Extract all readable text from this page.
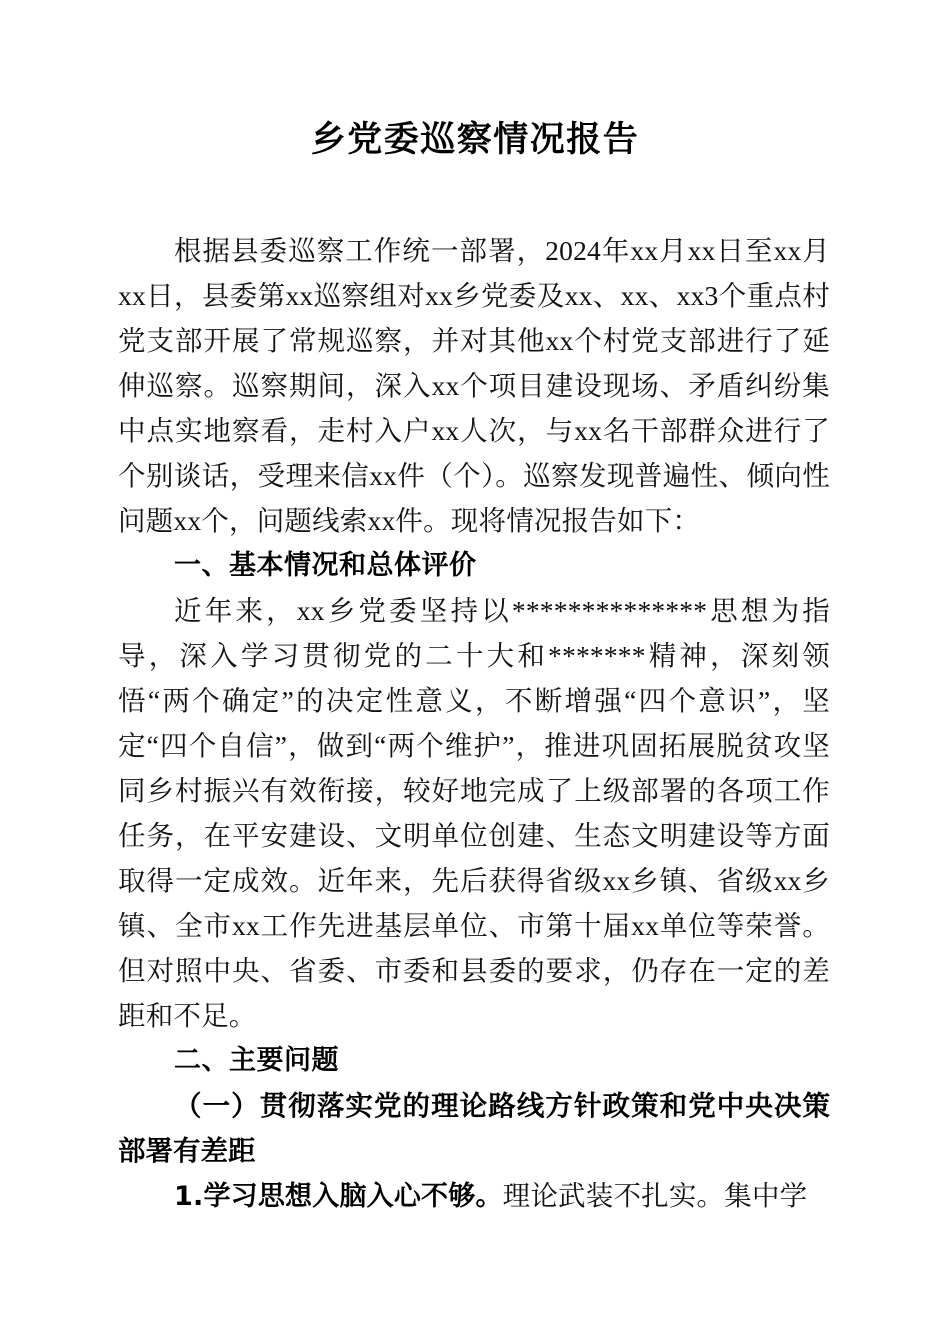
乡党委巡察情况报告

根据县委巡察工作统一部署，2024年xx月xx日至xx月xx日，县委第xx巡察组对xx乡党委及xx、xx、xx3个重点村党支部开展了常规巡察，并对其他xx个村党支部进行了延伸巡察。巡察期间，深入xx个项目建设现场、矛盾纠纷集中点实地察看，走村入户xx人次，与xx名干部群众进行了个别谈话，受理来信xx件（个）。巡察发现普遍性、倾向性问题xx个，问题线索xx件。现将情况报告如下：

一、基本情况和总体评价

近年来，xx乡党委坚持以**************思想为指导，深入学习贯彻党的二十大和*******精神，深刻领悟“两个确定”的决定性意义，不断增强“四个意识”，坚定“四个自信”，做到“两个维护”，推进巩固拓展脱贫攻坚同乡村振兴有效衔接，较好地完成了上级部署的各项工作任务，在平安建设、文明单位创建、生态文明建设等方面取得一定成效。近年来，先后获得省级xx乡镇、省级xx乡镇、全市xx工作先进基层单位、市第十届xx单位等荣誉。但对照中央、省委、市委和县委的要求，仍存在一定的差距和不足。

二、主要问题

（一）贯彻落实党的理论路线方针政策和党中央决策部署有差距

1.学习思想入脑入心不够。理论武装不扎实。集中学
